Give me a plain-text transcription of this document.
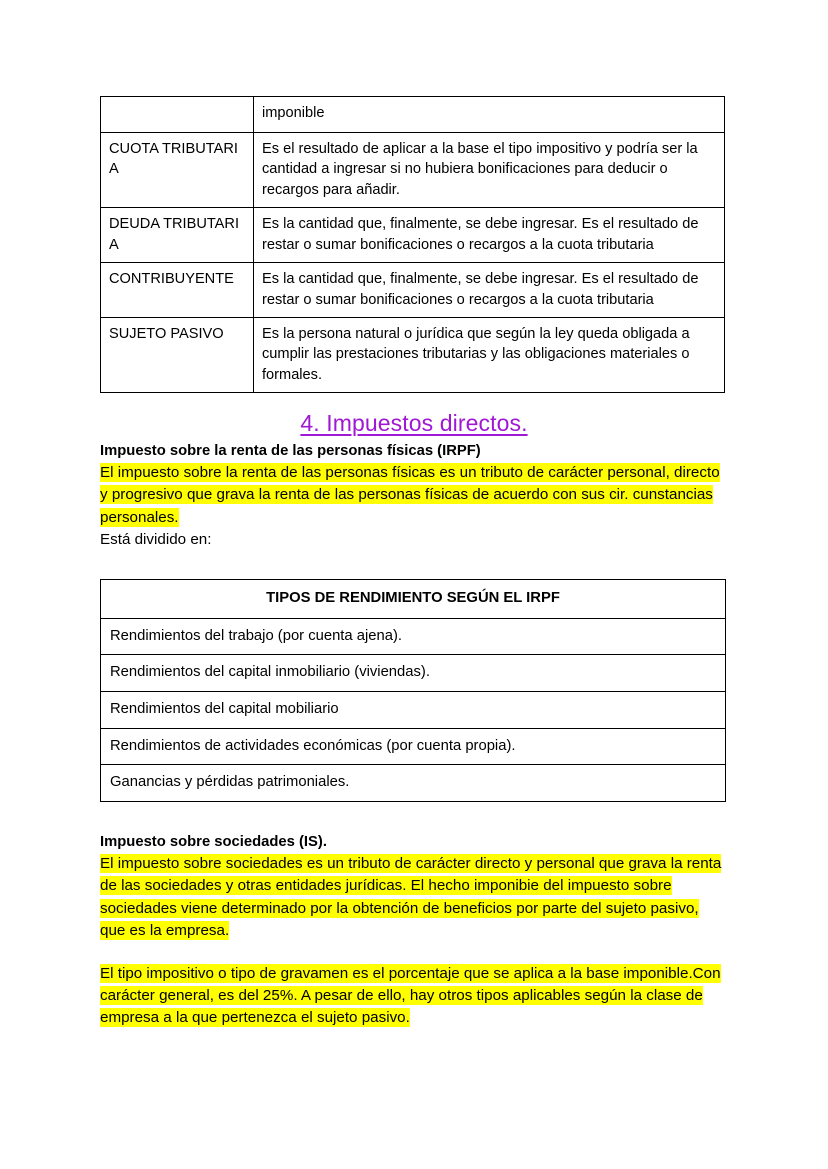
	imponible
CUOTA TRIBUTARIA	Es el resultado de aplicar a la base el tipo impositivo y podría ser la cantidad a ingresar si no hubiera bonificaciones para deducir o recargos para añadir.
DEUDA TRIBUTARIA	Es la cantidad que, finalmente, se debe ingresar. Es el resultado de restar o sumar bonificaciones o recargos a la cuota tributaria
CONTRIBUYENTE	Es la cantidad que, finalmente, se debe ingresar. Es el resultado de restar o sumar bonificaciones o recargos a la cuota tributaria
SUJETO PASIVO	Es la persona natural o jurídica que según la ley queda obligada a cumplir las prestaciones tributarias y las obligaciones materiales o formales.
4. Impuestos directos.

Impuesto sobre la renta de las personas físicas (IRPF)

El impuesto sobre la renta de las personas físicas es un tributo de carácter personal, directo y progresivo que grava la renta de las personas físicas de acuerdo con sus cir. cunstancias personales.

Está dividido en:

TIPOS DE RENDIMIENTO SEGÚN EL IRPF
Rendimientos del trabajo (por cuenta ajena).
Rendimientos del capital inmobiliario (viviendas).
Rendimientos del capital mobiliario
Rendimientos de actividades económicas (por cuenta propia).
Ganancias y pérdidas patrimoniales.

Impuesto sobre sociedades (IS).

El impuesto sobre sociedades es un tributo de carácter directo y personal que grava la renta de las sociedades y otras entidades jurídicas. El hecho imponibie del impuesto sobre sociedades viene determinado por la obtención de beneficios por parte del sujeto pasivo, que es la empresa.

El tipo impositivo o tipo de gravamen es el porcentaje que se aplica a la base imponible.Con carácter general, es del 25%. A pesar de ello, hay otros tipos aplicables según la clase de empresa a la que pertenezca el sujeto pasivo.
